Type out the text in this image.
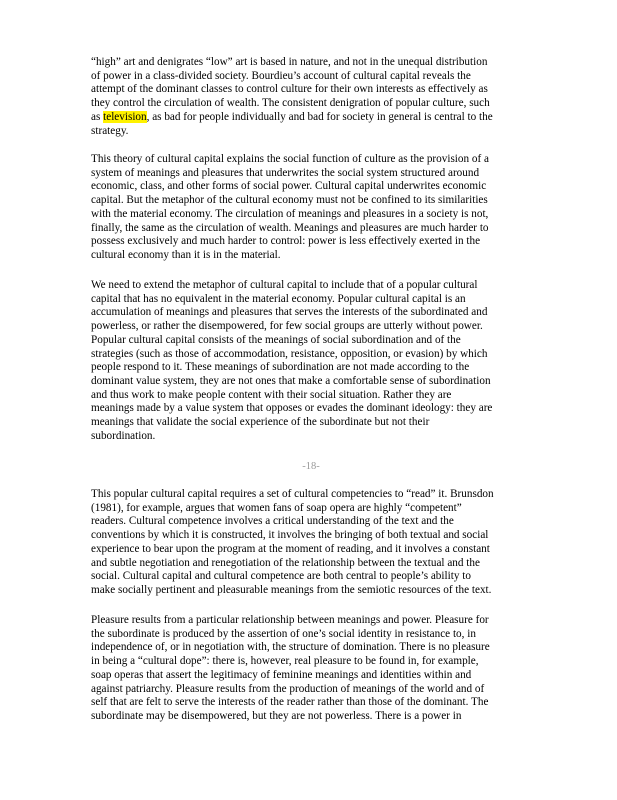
“high” art and denigrates “low” art is based in nature, and not in the unequal distribution
of power in a class-divided society. Bourdieu’s account of cultural capital reveals the
attempt of the dominant classes to control culture for their own interests as effectively as
they control the circulation of wealth. The consistent denigration of popular culture, such
as television, as bad for people individually and bad for society in general is central to the
strategy.
This theory of cultural capital explains the social function of culture as the provision of a
system of meanings and pleasures that underwrites the social system structured around
economic, class, and other forms of social power. Cultural capital underwrites economic
capital. But the metaphor of the cultural economy must not be confined to its similarities
with the material economy. The circulation of meanings and pleasures in a society is not,
finally, the same as the circulation of wealth. Meanings and pleasures are much harder to
possess exclusively and much harder to control: power is less effectively exerted in the
cultural economy than it is in the material.
We need to extend the metaphor of cultural capital to include that of a popular cultural
capital that has no equivalent in the material economy. Popular cultural capital is an
accumulation of meanings and pleasures that serves the interests of the subordinated and
powerless, or rather the disempowered, for few social groups are utterly without power.
Popular cultural capital consists of the meanings of social subordination and of the
strategies (such as those of accommodation, resistance, opposition, or evasion) by which
people respond to it. These meanings of subordination are not made according to the
dominant value system, they are not ones that make a comfortable sense of subordination
and thus work to make people content with their social situation. Rather they are
meanings made by a value system that opposes or evades the dominant ideology: they are
meanings that validate the social experience of the subordinate but not their
subordination.
-18-
This popular cultural capital requires a set of cultural competencies to “read” it. Brunsdon
(1981), for example, argues that women fans of soap opera are highly “competent”
readers. Cultural competence involves a critical understanding of the text and the
conventions by which it is constructed, it involves the bringing of both textual and social
experience to bear upon the program at the moment of reading, and it involves a constant
and subtle negotiation and renegotiation of the relationship between the textual and the
social. Cultural capital and cultural competence are both central to people’s ability to
make socially pertinent and pleasurable meanings from the semiotic resources of the text.
Pleasure results from a particular relationship between meanings and power. Pleasure for
the subordinate is produced by the assertion of one’s social identity in resistance to, in
independence of, or in negotiation with, the structure of domination. There is no pleasure
in being a “cultural dope”: there is, however, real pleasure to be found in, for example,
soap operas that assert the legitimacy of feminine meanings and identities within and
against patriarchy. Pleasure results from the production of meanings of the world and of
self that are felt to serve the interests of the reader rather than those of the dominant. The
subordinate may be disempowered, but they are not powerless. There is a power in
